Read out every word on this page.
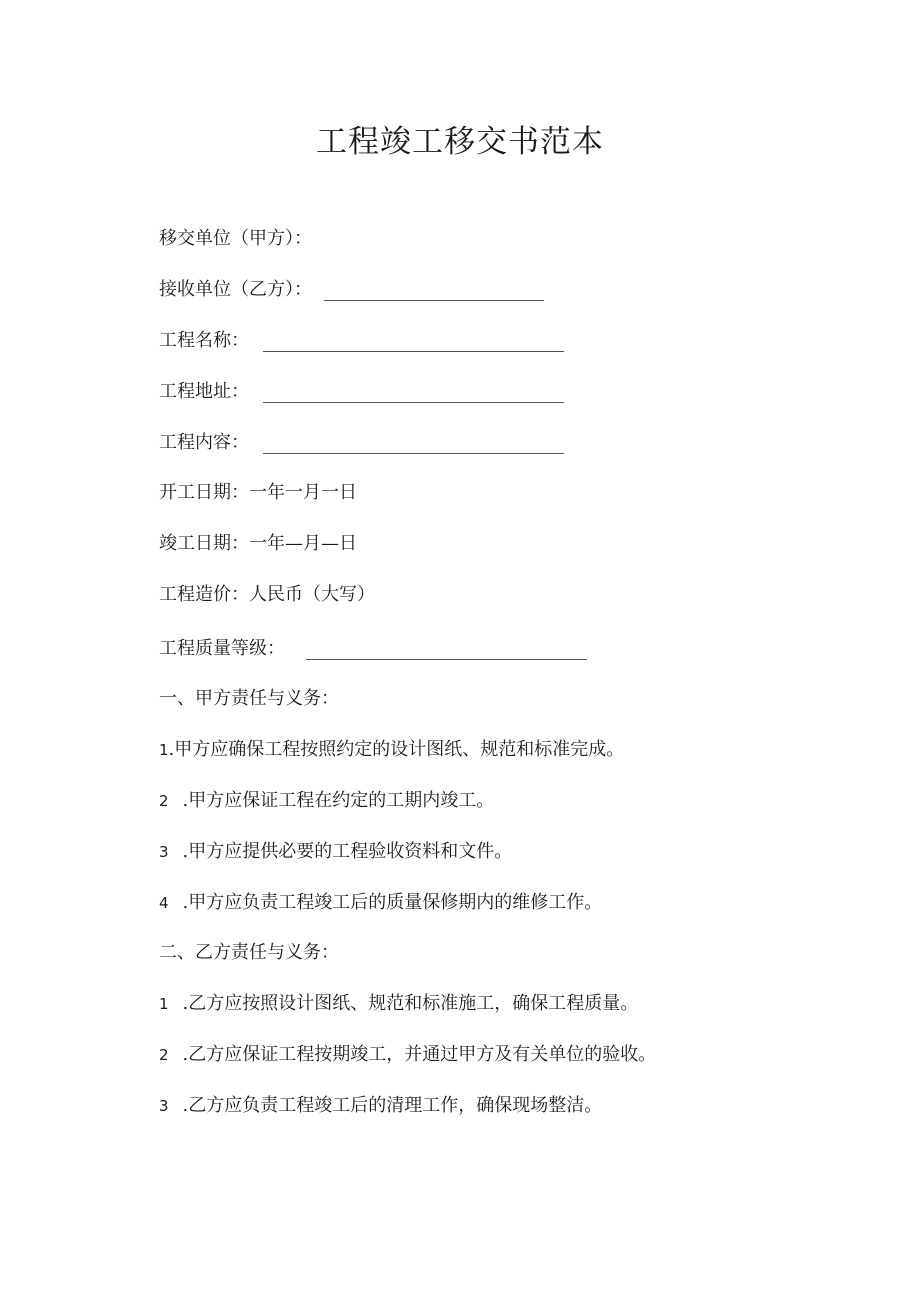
工程竣工移交书范本
移交单位（甲方）：
接收单位（乙方）：
工程名称：
工程地址：
工程内容：
开工日期：一年一月一日
竣工日期：一年—月—日
工程造价：人民币（大写）
工程质量等级：
一、甲方责任与义务：
1 .甲方应确保工程按照约定的设计图纸、规范和标准完成。
2 .甲方应保证工程在约定的工期内竣工。
3 .甲方应提供必要的工程验收资料和文件。
4 .甲方应负责工程竣工后的质量保修期内的维修工作。
二、乙方责任与义务：
1 .乙方应按照设计图纸、规范和标准施工，确保工程质量。
2 .乙方应保证工程按期竣工，并通过甲方及有关单位的验收。
3 .乙方应负责工程竣工后的清理工作，确保现场整洁。
